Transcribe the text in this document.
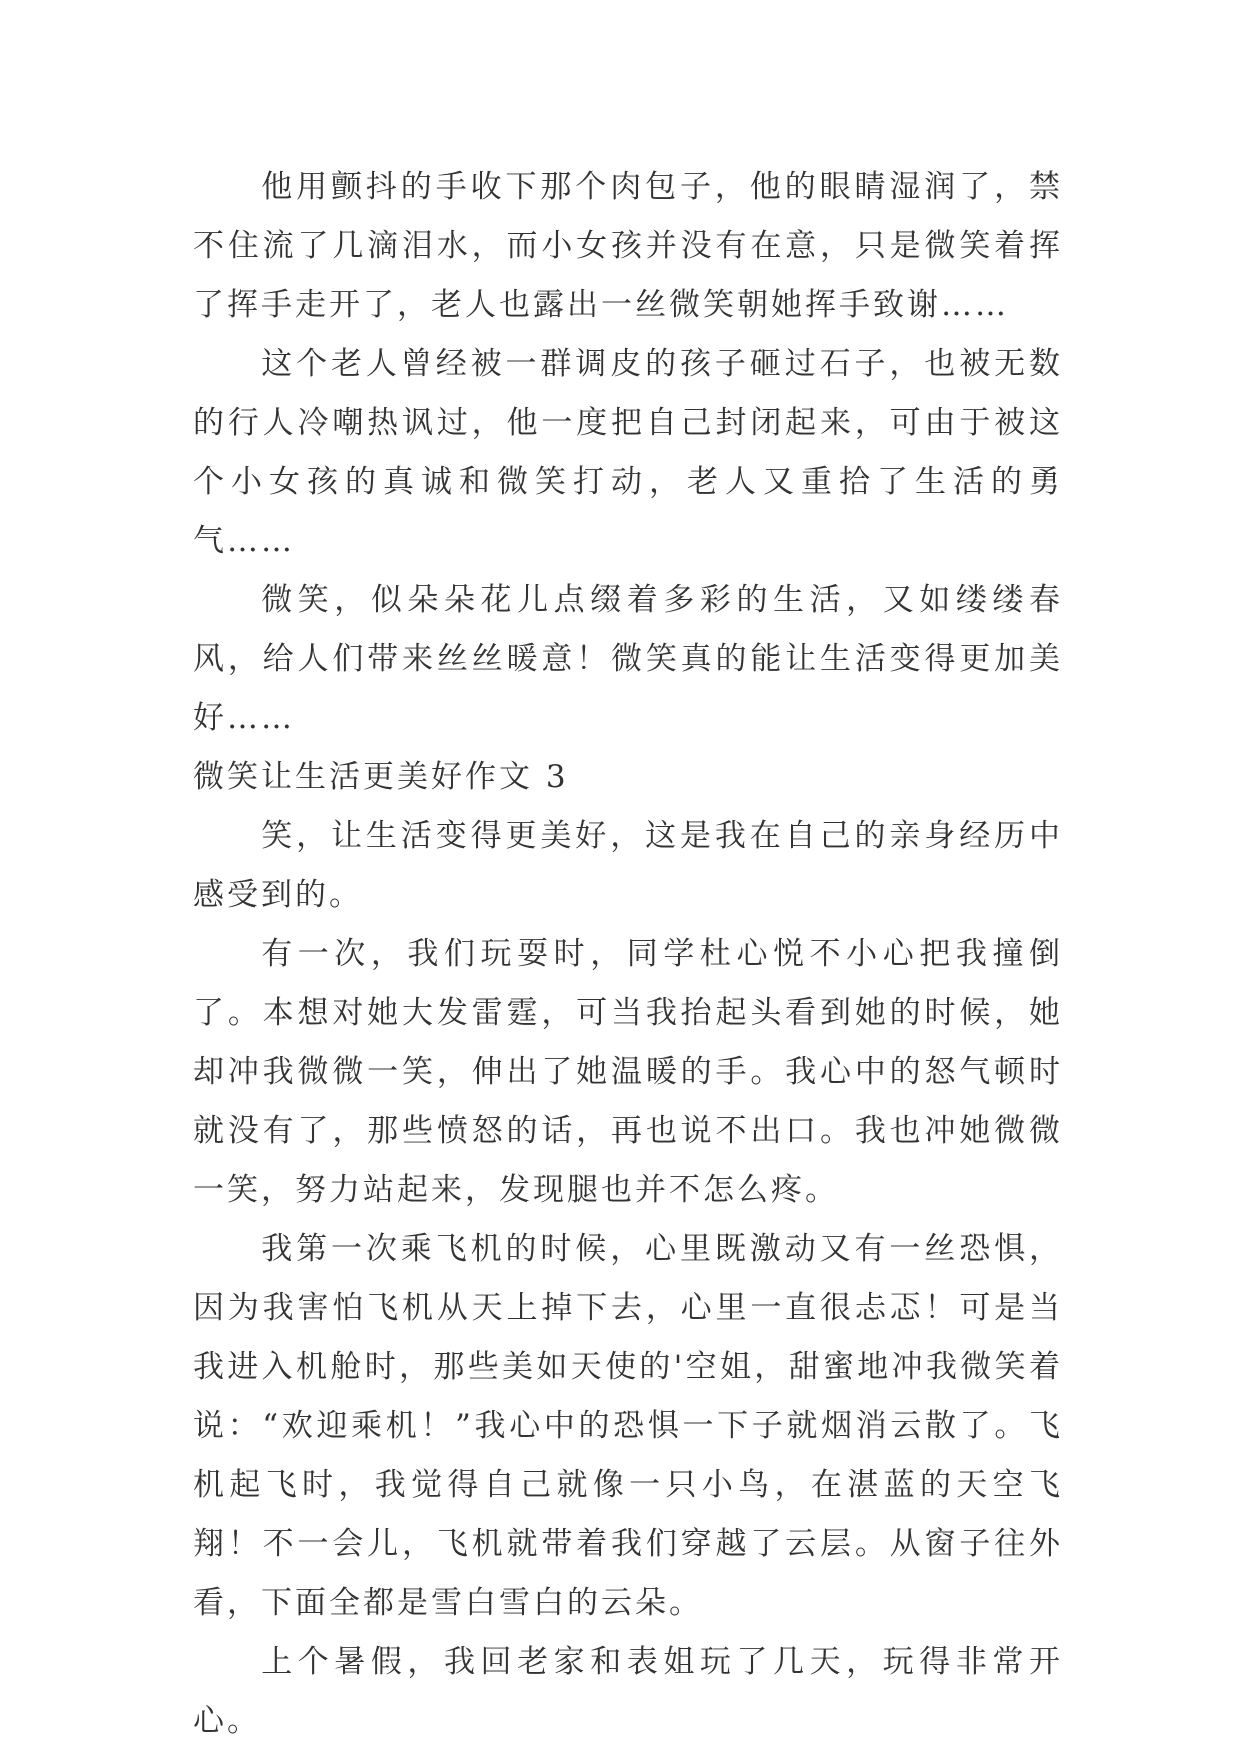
他用颤抖的手收下那个肉包子，他的眼睛湿润了，禁不住流了几滴泪水，而小女孩并没有在意，只是微笑着挥了挥手走开了，老人也露出一丝微笑朝她挥手致谢……

这个老人曾经被一群调皮的孩子砸过石子，也被无数的行人冷嘲热讽过，他一度把自己封闭起来，可由于被这个小女孩的真诚和微笑打动，老人又重拾了生活的勇气……

微笑，似朵朵花儿点缀着多彩的生活，又如缕缕春风，给人们带来丝丝暖意！微笑真的能让生活变得更加美好……

微笑让生活更美好作文 3

笑，让生活变得更美好，这是我在自己的亲身经历中感受到的。

有一次，我们玩耍时，同学杜心悦不小心把我撞倒了。本想对她大发雷霆，可当我抬起头看到她的时候，她却冲我微微一笑，伸出了她温暖的手。我心中的怒气顿时就没有了，那些愤怒的话，再也说不出口。我也冲她微微一笑，努力站起来，发现腿也并不怎么疼。

我第一次乘飞机的时候，心里既激动又有一丝恐惧，因为我害怕飞机从天上掉下去，心里一直很忐忑！可是当我进入机舱时，那些美如天使的'空姐，甜蜜地冲我微笑着说：“欢迎乘机！”我心中的恐惧一下子就烟消云散了。飞机起飞时，我觉得自己就像一只小鸟，在湛蓝的天空飞翔！不一会儿，飞机就带着我们穿越了云层。从窗子往外看，下面全都是雪白雪白的云朵。

上个暑假，我回老家和表姐玩了几天，玩得非常开心。
